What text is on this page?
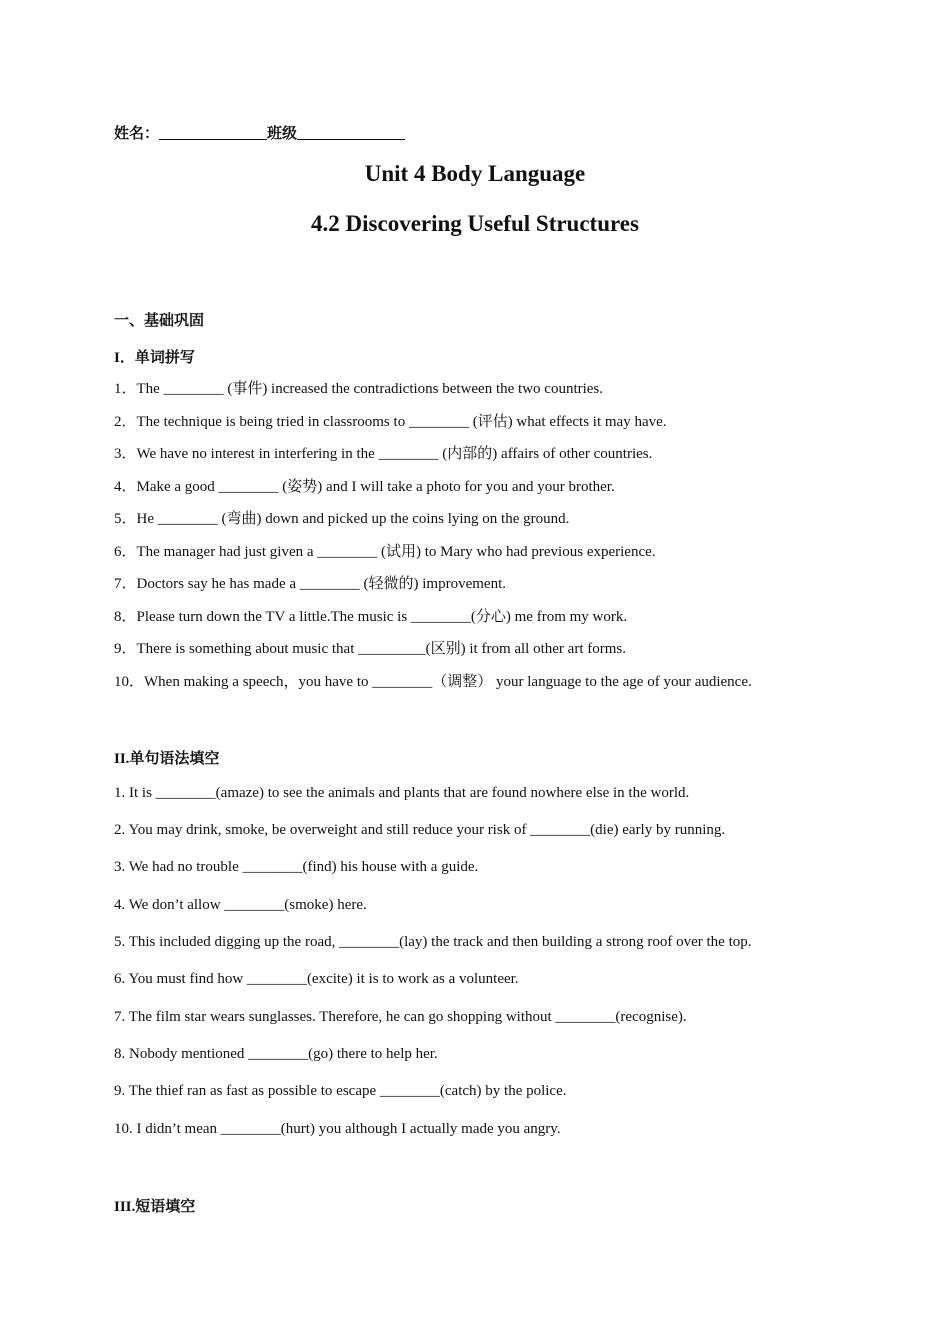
姓名：	班级
Unit 4 Body Language
4.2 Discovering Useful Structures
一、基础巩固
I．单词拼写
1．The ________ (事件) increased the contradictions between the two countries.
2．The technique is being tried in classrooms to ________ (评估) what effects it may have.
3．We have no interest in interfering in the ________ (内部的) affairs of other countries.
4．Make a good ________ (姿势) and I will take a photo for you and your brother.
5．He ________ (弯曲) down and picked up the coins lying on the ground.
6．The manager had just given a ________ (试用) to Mary who had previous experience.
7．Doctors say he has made a ________ (轻微的) improvement.
8．Please turn down the TV a little.The music is ________(分心) me from my work.
9．There is something about music that _________(区别) it from all other art forms.
10．When making a speech，you have to ________（调整） your language to the age of your audience.
II.单句语法填空
1. It is ________(amaze) to see the animals and plants that are found nowhere else in the world.
2. You may drink, smoke, be overweight and still reduce your risk of ________(die) early by running.
3. We had no trouble ________(find) his house with a guide.
4. We don’t allow ________(smoke) here.
5. This included digging up the road, ________(lay) the track and then building a strong roof over the top.
6. You must find how ________(excite) it is to work as a volunteer.
7. The film star wears sunglasses. Therefore, he can go shopping without ________(recognise).
8. Nobody mentioned ________(go) there to help her.
9. The thief ran as fast as possible to escape ________(catch) by the police.
10. I didn’t mean ________(hurt) you although I actually made you angry.
III.短语填空
